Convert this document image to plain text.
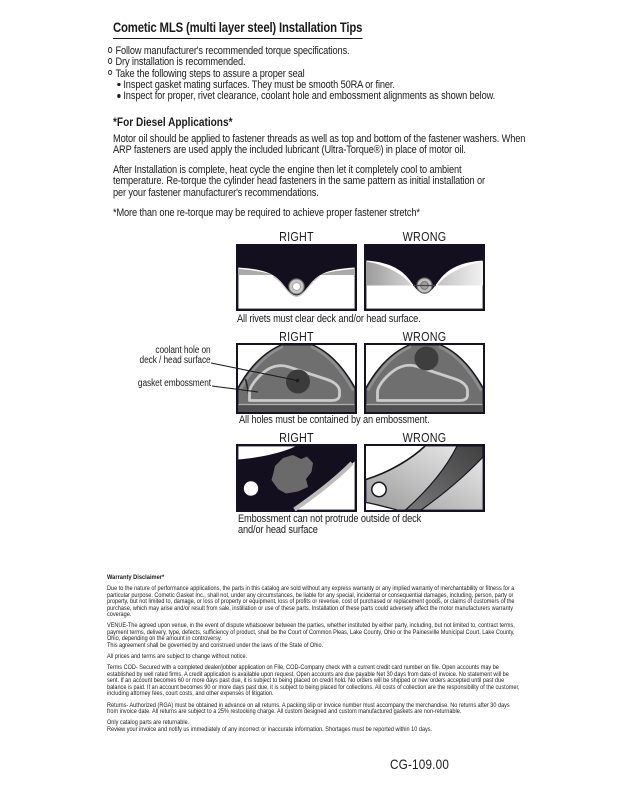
Cometic MLS (multi layer steel) Installation Tips
Follow manufacturer's recommended torque specifications.
Dry installation is recommended.
Take the following steps to assure a proper seal
Inspect gasket mating surfaces. They must be smooth 50RA or finer.
Inspect for proper, rivet clearance, coolant hole and embossment alignments as shown below.
*For Diesel Applications*

Motor oil should be applied to fastener threads as well as top and bottom of the fastener washers. When ARP fasteners are used apply the included lubricant (Ultra-Torque®) in place of motor oil.

After Installation is complete, heat cycle the engine then let it completely cool to ambient temperature. Re-torque the cylinder head fasteners in the same pattern as initial installation or per your fastener manufacturer's recommendations.

*More than one re-torque may be required to achieve proper fastener stretch*

RIGHT	WRONG
All rivets must clear deck and/or head surface.
RIGHT	WRONG
coolant hole on
deck / head surface
gasket embossment
All holes must be contained by an embossment.
RIGHT	WRONG
Embossment can not protrude outside of deck and/or head surface
Warranty Disclaimer*

Due to the nature of performance applications, the parts in this catalog are sold without any express warranty or any implied warranty of merchantability or fitness for a particular purpose. Cometic Gasket Inc., shall not, under any circumstances, be liable for any special, incidental or consequential damages, including, person, party or property, but not limited to, damage, or loss of property or equipment, loss of profits or revenue, cost of purchased or replacement goods, or claims of customers of the purchase, which may arise and/or result from sale, instillation or use of these parts. Installation of these parts could adversely affect the motor manufacturers warranty coverage.

VENUE-The agreed upon venue, in the event of dispute whatsoever between the parties, whether instituted by either party, including, but not limited to, contract terms, payment terms, delivery, type, defects, sufficiency of product, shall be the Court of Common Pleas, Lake County, Ohio or the Painesville Municipal Court, Lake County, Ohio, depending on the amount in controversy.

This agreement shall be governed by and construed under the laws of the State of Ohio.

All prices and terms are subject to change without notice.

Terms COD- Secured with a completed dealer/jobber application on File, COD-Company check with a current credit card number on file. Open accounts may be established by well rated firms. A credit application is available upon request. Open accounts are due payable Net 30 days from date of invoice. No statement will be sent. If an account becomes 60 or more days past due, it is subject to being placed on credit hold. No orders will be shipped or new orders accepted until past due balance is paid. If an account becomes 90 or more days past due, it is subject to being placed for collections. All costs of collection are the responsibility of the customer, including attorney fees, court costs, and other expenses of litigation.

Returns- Authorized (RGA) must be obtained in advance on all returns. A packing slip or invoice number must accompany the merchandise. No returns after 30 days from invoice date. All returns are subject to a 25% restocking charge. All custom designed and custom manufactured gaskets are non-returnable.

Only catalog parts are returnable.

Review your invoice and notify us immediately of any incorrect or inaccurate information. Shortages must be reported within 10 days.

CG-109.00
